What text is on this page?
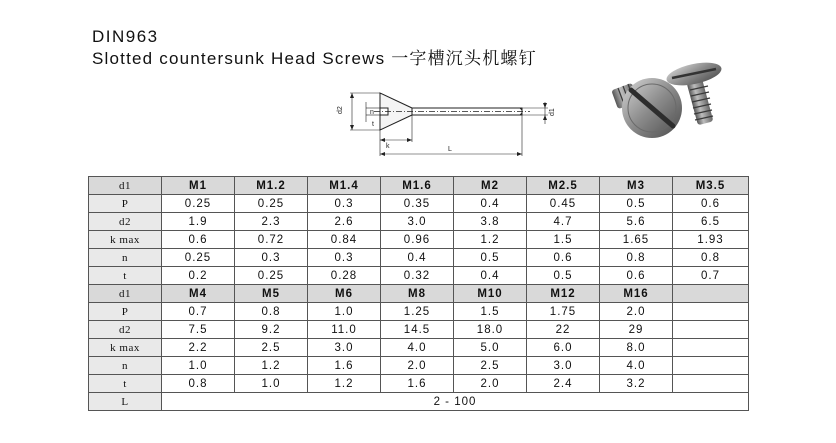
DIN963
Slotted countersunk Head Screws 一字槽沉头机螺钉
d2	n
t
k	L
d1
d1	M1	M1.2	M1.4	M1.6	M2	M2.5	M3	M3.5
P	0.25	0.25	0.3	0.35	0.4	0.45	0.5	0.6
d2	1.9	2.3	2.6	3.0	3.8	4.7	5.6	6.5
k max	0.6	0.72	0.84	0.96	1.2	1.5	1.65	1.93
n	0.25	0.3	0.3	0.4	0.5	0.6	0.8	0.8
t	0.2	0.25	0.28	0.32	0.4	0.5	0.6	0.7
d1	M4	M5	M6	M8	M10	M12	M16	
P	0.7	0.8	1.0	1.25	1.5	1.75	2.0	
d2	7.5	9.2	11.0	14.5	18.0	22	29	
k max	2.2	2.5	3.0	4.0	5.0	6.0	8.0	
n	1.0	1.2	1.6	2.0	2.5	3.0	4.0	
t	0.8	1.0	1.2	1.6	2.0	2.4	3.2	
L	2 - 100							
